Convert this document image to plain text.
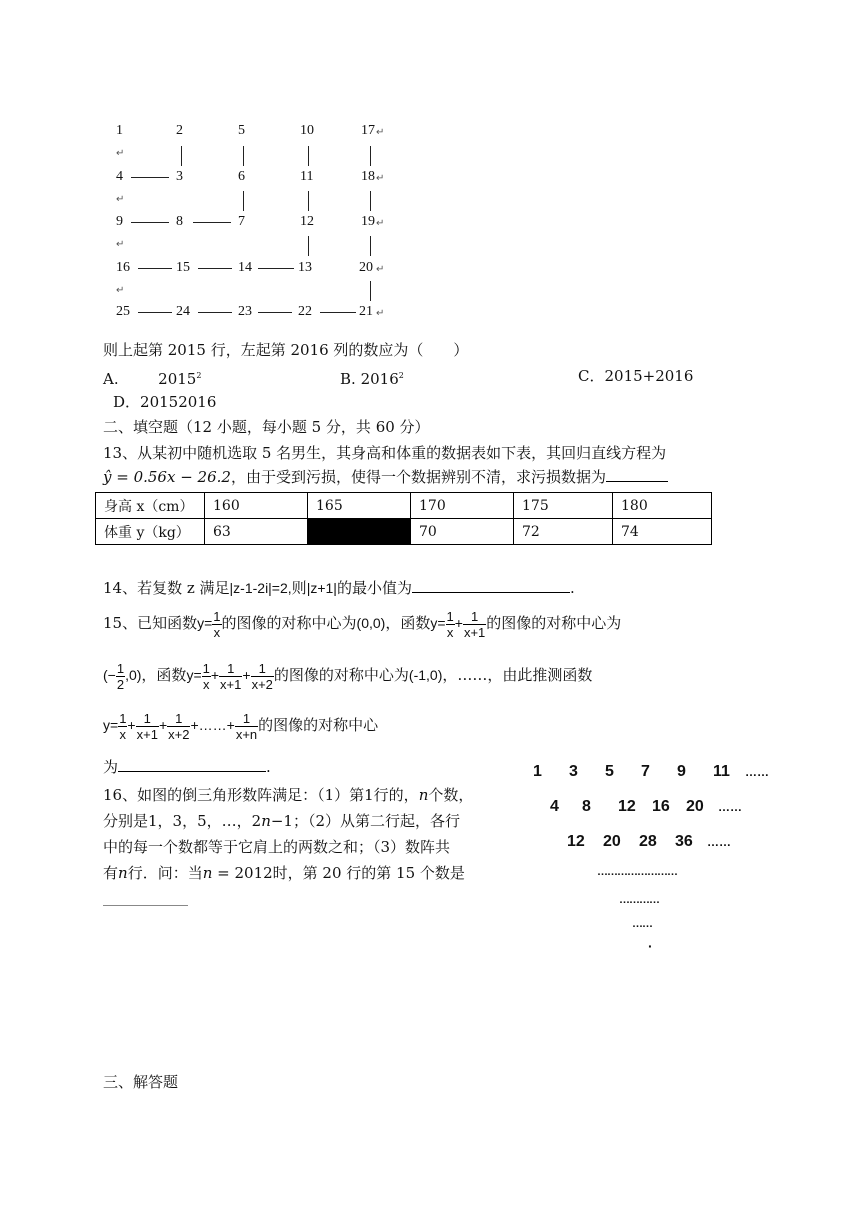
1	2	5	10	17 ↵
↵
4	3	6	11	18 ↵
↵
9	8	7	12	19 ↵
↵
16	15	14	13	20 ↵
↵
25	24	23	22	21 ↵
则上起第 2015 行，左起第 2016 列的数应为（　　）
A.	2015$^2$	B. 2016$^2$	C．2015+2016
D．20152016
二、填空题（12 小题，每小题 5 分，共 60 分）
13、从某初中随机选取 5 名男生，其身高和体重的数据表如下表，其回归直线方程为
ŷ = 0.56x − 26.2，由于受到污损，使得一个数据辨别不清，求污损数据为
身高 x（cm）	160	165	170	175	180
体重 y（kg）	63		70	72	74
14、若复数 z 满足|z-1-2i|=2,则|z+1|的最小值为	.
15、已知函数$y= \frac{1}{x}$ 的图像的对称中心为(0,0)，函数$y= \frac{1}{x} + \frac{1}{x+1}$ 的图像的对称中心为
(− $\frac{1}{2} ,0$)，函数$y= \frac{1}{x} + \frac{1}{x+1} + \frac{1}{x+2}$ 的图像的对称中心为(-1,0)，……，由此推测函数
$y= \frac{1}{x} + \frac{1}{x+1} + \frac{1}{x+2}$ +……+ $\frac{1}{x+n}$ 的图像的对称中心
为	.
16、如图的倒三角形数阵满足：（1）第1行的，n个数，
分别是1，3，5，…，2n−1；（2）从第二行起，各行
中的每一个数都等于它肩上的两数之和；（3）数阵共
有n行．问：当n = 2012时，第 20 行的第 15 个数是
1 3 5 7 9 11 ……
4 8 12 16 20 ……
12 20 28 36 ……
……………………
…………
……
·
三、解答题
